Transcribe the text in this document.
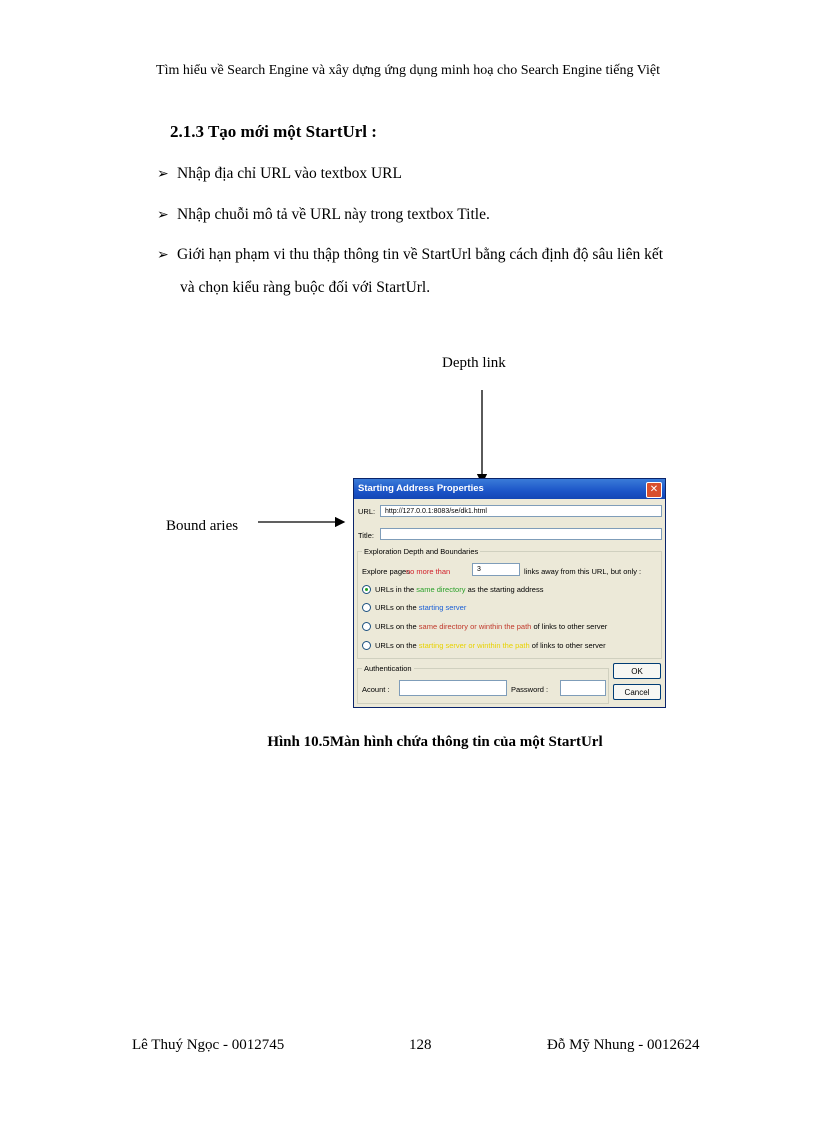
Tìm hiểu về Search Engine và xây dựng ứng dụng minh hoạ cho Search Engine tiếng Việt
2.1.3 Tạo mới một StartUrl :
➢ Nhập địa chỉ URL vào textbox URL
➢ Nhập chuỗi mô tả về URL này trong textbox Title.
➢ Giới hạn phạm vi thu thập thông tin về StartUrl bằng cách định độ sâu liên kết
và chọn kiểu ràng buộc đối với StartUrl.
Depth link
Bound aries
Starting Address Properties	✕
URL:	http://127.0.0.1:8083/se/dk1.html
Title:
Exploration Depth and Boundaries
Explore pages
no more than	3	links away from this URL, but only :
URLs in the same directory as the starting address
URLs on the starting server
URLs on the same directory or winthin the path of links to other server
URLs on the starting server or winthin the path of links to other server
Authentication
Acount :	Password :
OK
Cancel
Hình 10.5Màn hình chứa thông tin của một StartUrl
Lê Thuý Ngọc - 0012745	128	Đỗ Mỹ Nhung - 0012624
